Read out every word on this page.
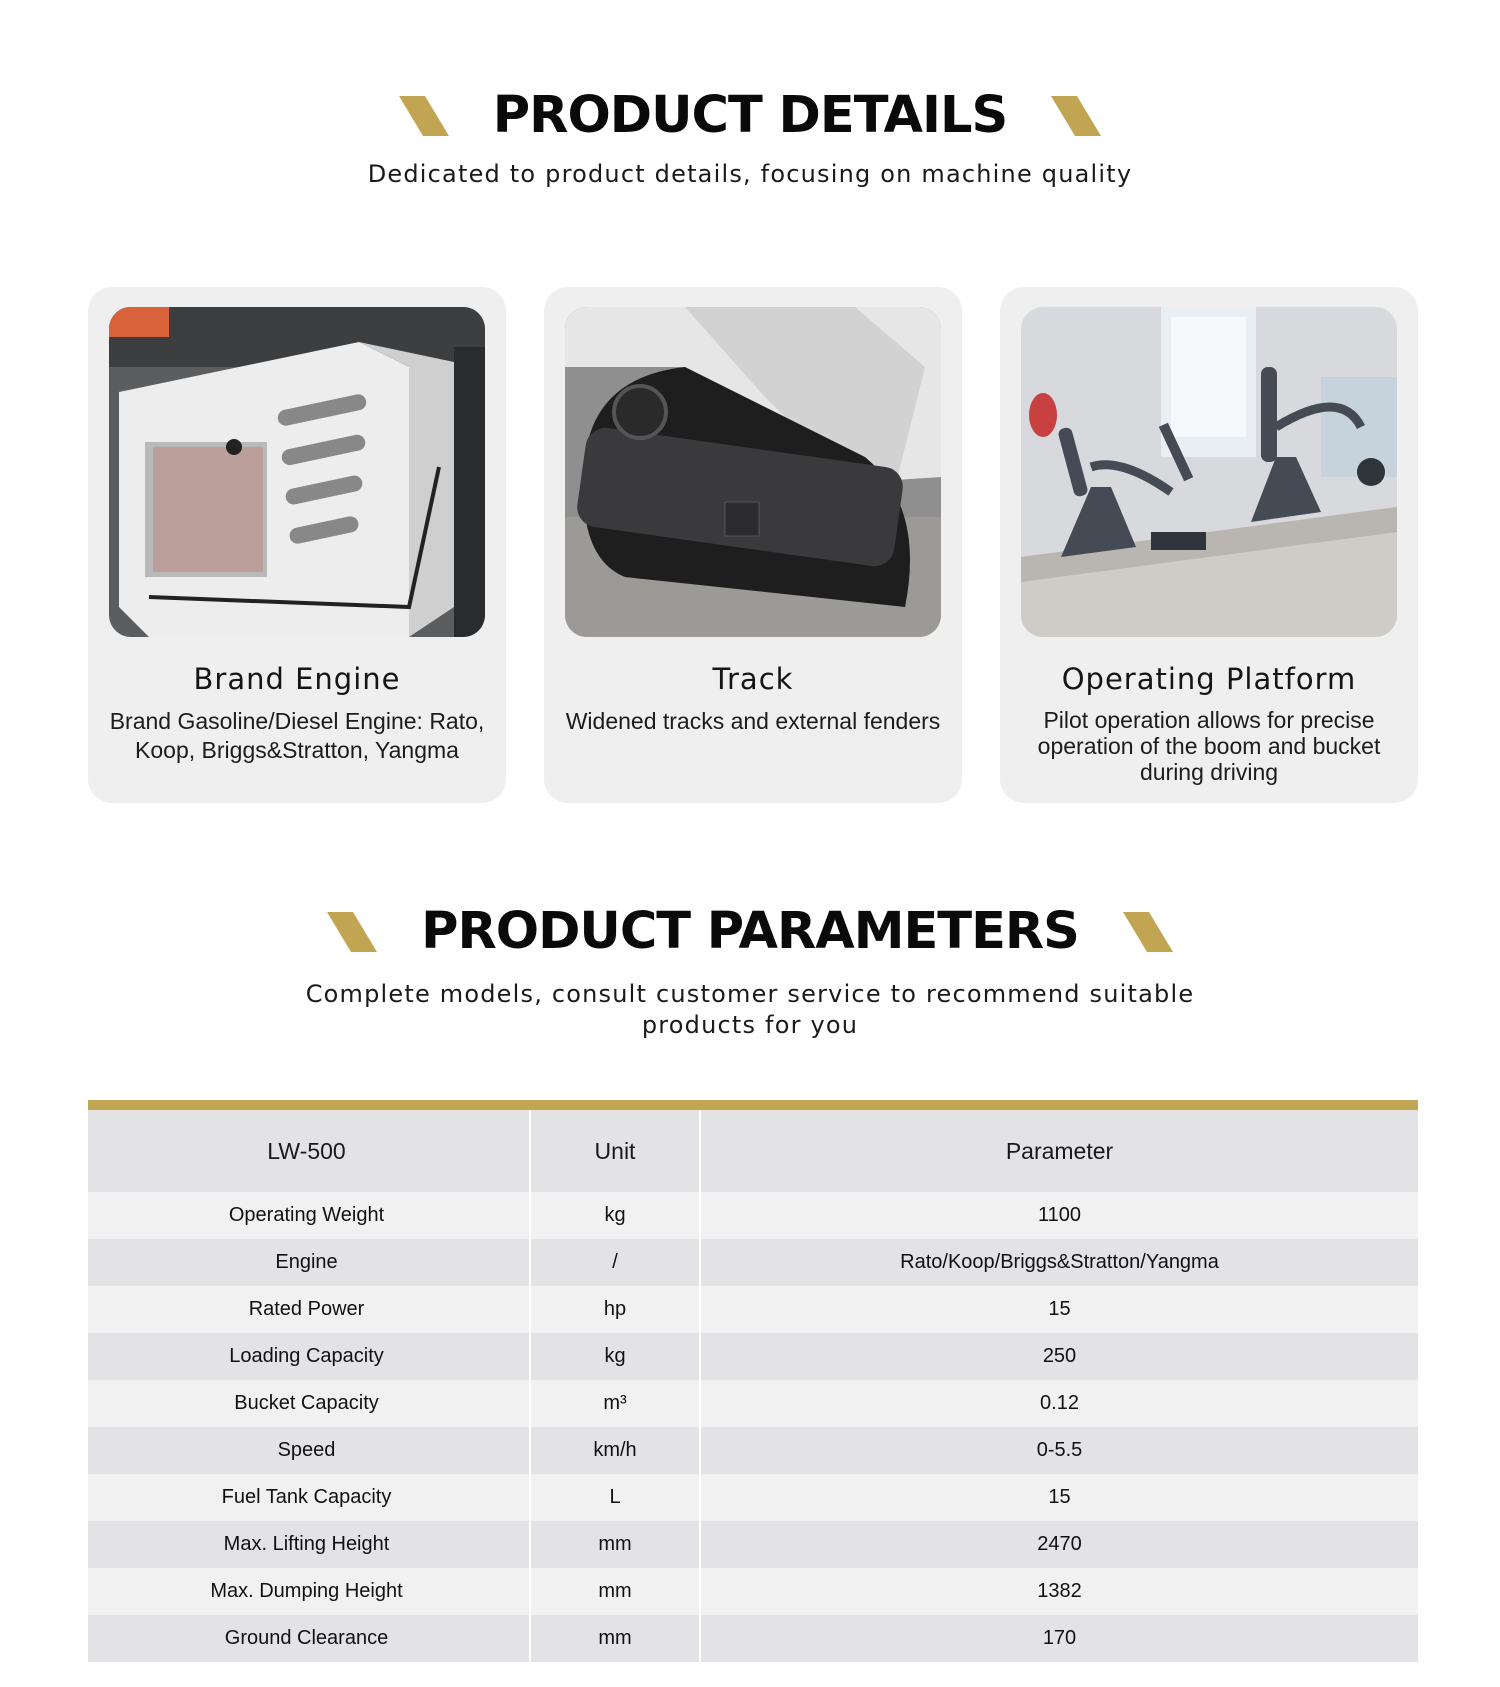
PRODUCT DETAILS
Dedicated to product details, focusing on machine quality
Brand Engine
Brand Gasoline/Diesel Engine: Rato, Koop, Briggs&Stratton, Yangma
Track
Widened tracks and external fenders
Operating Platform
Pilot operation allows for precise operation of the boom and bucket during driving
PRODUCT PARAMETERS
Complete models, consult customer service to recommend suitable
products for you
LW-500	Unit	Parameter
Operating Weight	kg	1100
Engine	/	Rato/Koop/Briggs&Stratton/Yangma
Rated Power	hp	15
Loading Capacity	kg	250
Bucket Capacity	m³	0.12
Speed	km/h	0-5.5
Fuel Tank Capacity	L	15
Max. Lifting Height	mm	2470
Max. Dumping Height	mm	1382
Ground Clearance	mm	170
